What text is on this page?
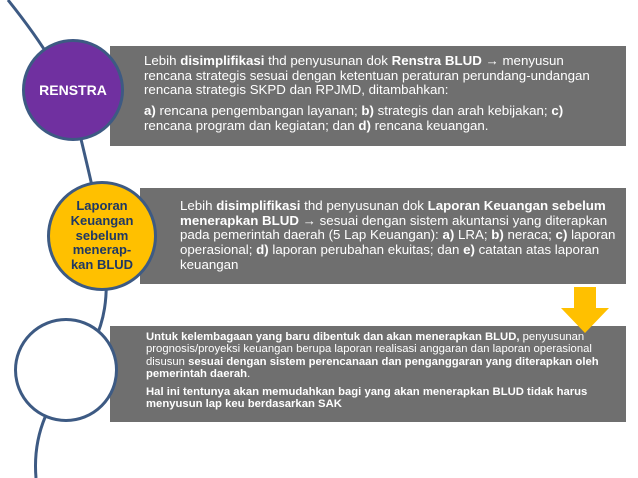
Lebih disimplifikasi thd penyusunan dok Renstra BLUD → menyusun rencana strategis sesuai dengan ketentuan peraturan perundang-undangan rencana strategis SKPD dan RPJMD, ditambahkan:

a) rencana pengembangan layanan; b) strategis dan arah kebijakan; c) rencana program dan kegiatan; dan d) rencana keuangan.

Lebih disimplifikasi thd penyusunan dok Laporan Keuangan sebelum menerapkan BLUD → sesuai dengan sistem akuntansi yang diterapkan pada pemerintah daerah (5 Lap Keuangan): a) LRA; b) neraca; c) laporan operasional; d) laporan perubahan ekuitas; dan e) catatan atas laporan keuangan

Untuk kelembagaan yang baru dibentuk dan akan menerapkan BLUD, penyusunan prognosis/proyeksi keuangan berupa laporan realisasi anggaran dan laporan operasional disusun sesuai dengan sistem perencanaan dan penganggaran yang diterapkan oleh pemerintah daerah.

Hal ini tentunya akan memudahkan bagi yang akan menerapkan BLUD tidak harus menyusun lap keu berdasarkan SAK

RENSTRA
Laporan
Keuangan
sebelum
menerap-
kan BLUD
